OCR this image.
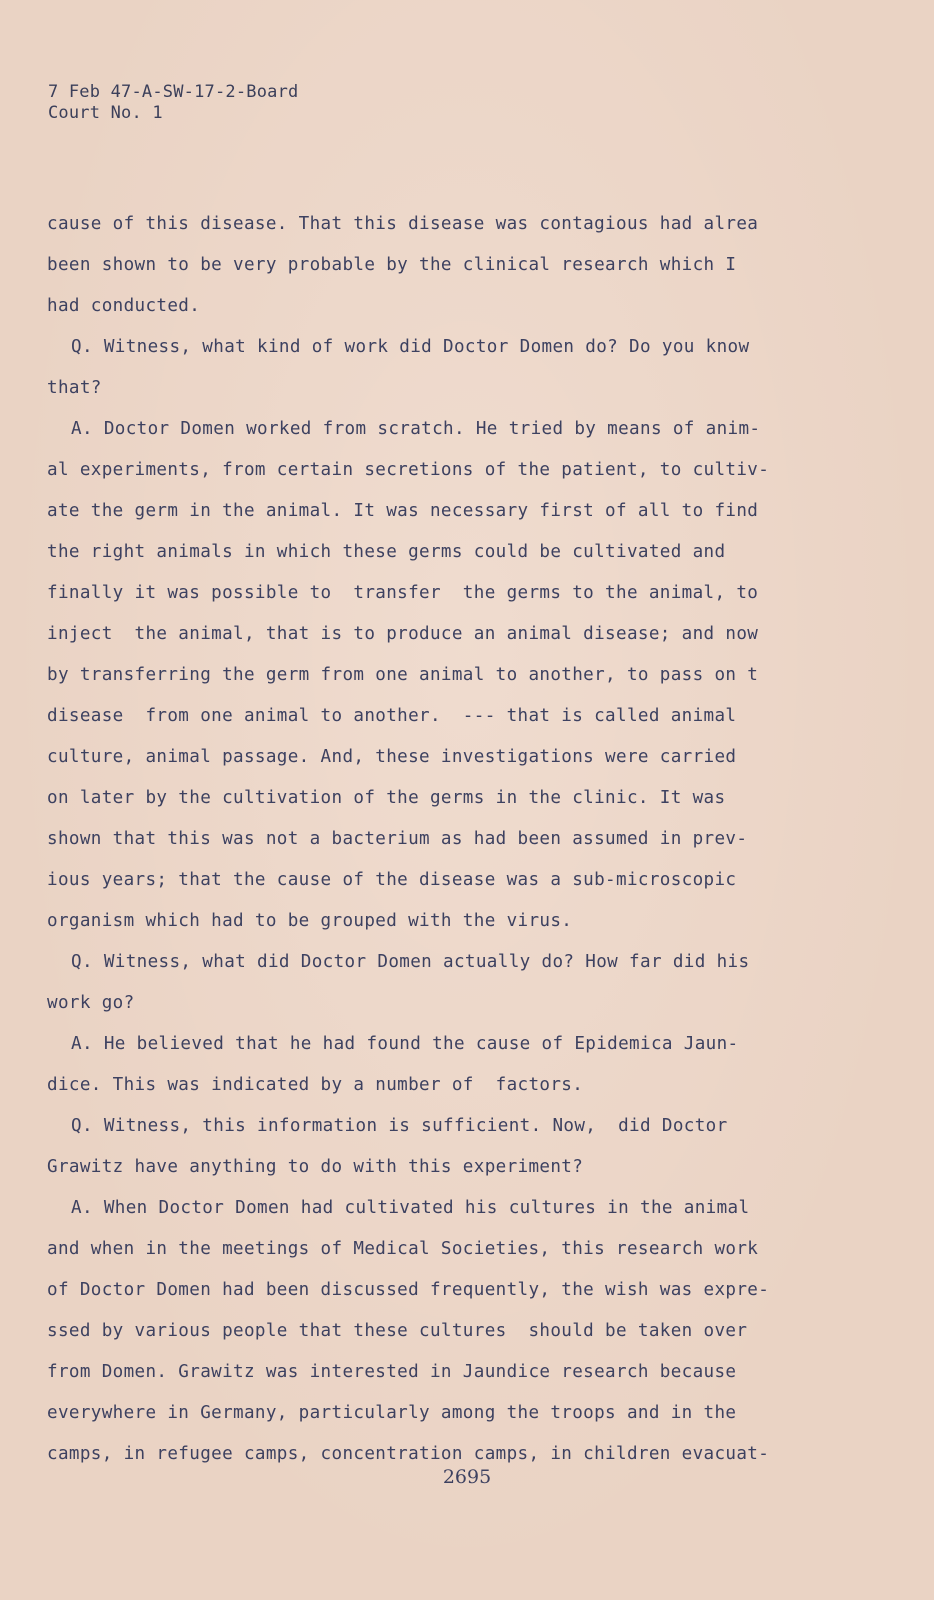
7 Feb 47-A-SW-17-2-Board
Court No. 1
cause of this disease. That this disease was contagious had alrea
been shown to be very probable by the clinical research which I
had conducted.
Q. Witness, what kind of work did Doctor Domen do? Do you know
that?
A. Doctor Domen worked from scratch. He tried by means of anim-
al experiments, from certain secretions of the patient, to cultiv-
ate the germ in the animal. It was necessary first of all to find
the right animals in which these germs could be cultivated and
finally it was possible to  transfer  the germs to the animal, to
inject  the animal, that is to produce an animal disease; and now
by transferring the germ from one animal to another, to pass on t
disease  from one animal to another.  --- that is called animal
culture, animal passage. And, these investigations were carried
on later by the cultivation of the germs in the clinic. It was
shown that this was not a bacterium as had been assumed in prev-
ious years; that the cause of the disease was a sub-microscopic
organism which had to be grouped with the virus.
Q. Witness, what did Doctor Domen actually do? How far did his
work go?
A. He believed that he had found the cause of Epidemica Jaun-
dice. This was indicated by a number of  factors.
Q. Witness, this information is sufficient. Now,  did Doctor
Grawitz have anything to do with this experiment?
A. When Doctor Domen had cultivated his cultures in the animal
and when in the meetings of Medical Societies, this research work
of Doctor Domen had been discussed frequently, the wish was expre-
ssed by various people that these cultures  should be taken over
from Domen. Grawitz was interested in Jaundice research because
everywhere in Germany, particularly among the troops and in the
camps, in refugee camps, concentration camps, in children evacuat-
2695
